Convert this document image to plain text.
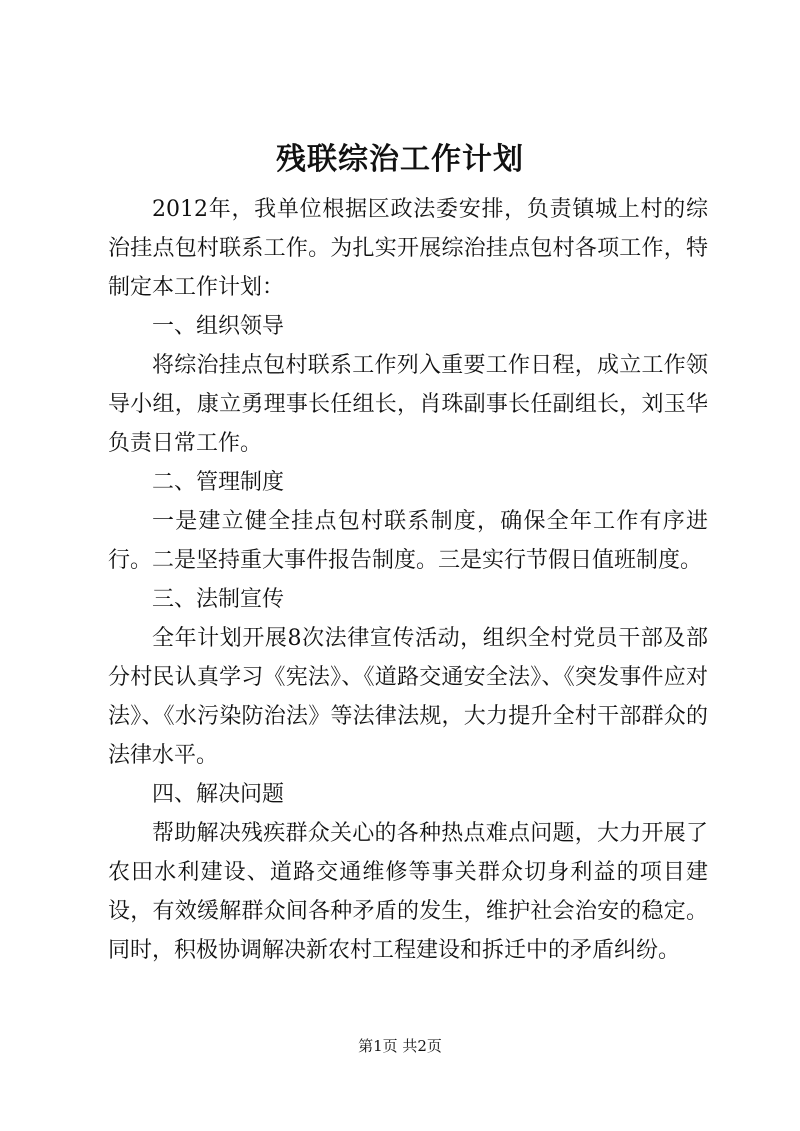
残联综治工作计划

2012年，我单位根据区政法委安排，负责镇城上村的综治挂点包村联系工作。为扎实开展综治挂点包村各项工作，特制定本工作计划：

一、组织领导

将综治挂点包村联系工作列入重要工作日程，成立工作领导小组，康立勇理事长任组长，肖珠副事长任副组长，刘玉华负责日常工作。

二、管理制度

一是建立健全挂点包村联系制度，确保全年工作有序进行。二是坚持重大事件报告制度。三是实行节假日值班制度。

三、法制宣传

全年计划开展8次法律宣传活动，组织全村党员干部及部分村民认真学习《宪法》、《道路交通安全法》、《突发事件应对法》、《水污染防治法》等法律法规，大力提升全村干部群众的法律水平。

四、解决问题

帮助解决残疾群众关心的各种热点难点问题，大力开展了农田水利建设、道路交通维修等事关群众切身利益的项目建设，有效缓解群众间各种矛盾的发生，维护社会治安的稳定。同时，积极协调解决新农村工程建设和拆迁中的矛盾纠纷。

第1页 共2页
